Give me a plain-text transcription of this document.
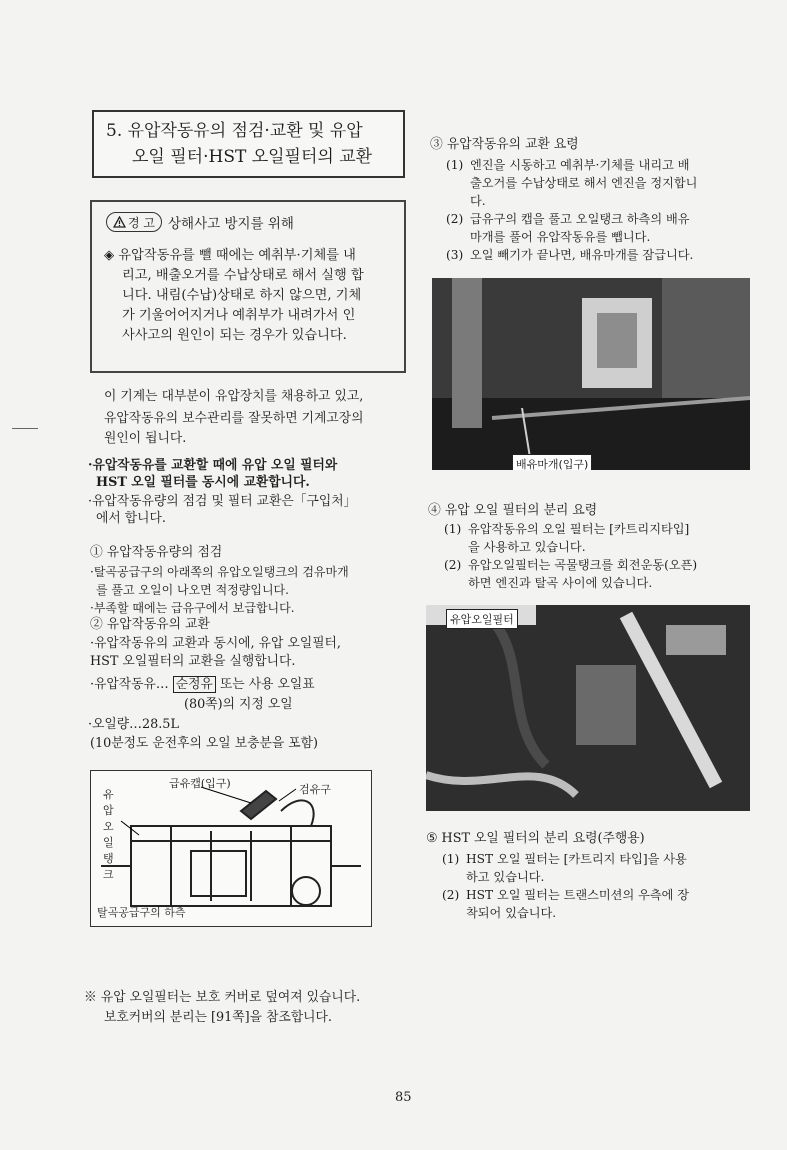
5. 유압작동유의 점검·교환 및 유압
오일 필터·HST 오일필터의 교환
경 고 상해사고 방지를 위해
◈ 유압작동유를 뺄 때에는 예취부·기체를 내
리고, 배출오거를 수납상태로 해서 실행 합
니다. 내림(수납)상태로 하지 않으면, 기체
가 기울어어지거나 예취부가 내려가서 인
사사고의 원인이 되는 경우가 있습니다.
이 기계는 대부분이 유압장치를 채용하고 있고,
유압작동유의 보수관리를 잘못하면 기계고장의
원인이 됩니다.
·유압작동유를 교환할 때에 유압 오일 필터와
HST 오일 필터를 동시에 교환합니다.
·유압작동유량의 점검 및 필터 교환은「구입처」
에서 합니다.
① 유압작동유량의 점검
·탈곡공급구의 아래쪽의 유압오일탱크의 검유마개
를 풀고 오일이 나오면 적정량입니다.
·부족할 때에는 급유구에서 보급합니다.
② 유압작동유의 교환
·유압작동유의 교환과 동시에, 유압 오일필터,
HST 오일필터의 교환을 실행합니다.
·유압작동유… 순정유 또는 사용 오일표
(80쪽)의 지정 오일
·오일량…28.5L
(10분정도 운전후의 오일 보충분을 포함)
급유캡(입구)	검유구
유압오일탱크
탈곡공급구의 하측
※ 유압 오일필터는 보호 커버로 덮여져 있습니다.
보호커버의 분리는 [91쪽]을 참조합니다.
③ 유압작동유의 교환 요령
(1) 엔진을 시동하고 예취부·기체를 내리고 배
출오거를 수납상태로 해서 엔진을 정지합니
다.
(2) 급유구의 캡을 풀고 오일탱크 하측의 배유
마개를 풀어 유압작동유를 뺍니다.
(3) 오일 빼기가 끝나면, 배유마개를 잠급니다.
배유마개(입구)
④ 유압 오일 필터의 분리 요령
(1) 유압작동유의 오일 필터는 [카트리지타입]
을 사용하고 있습니다.
(2) 유압오일필터는 곡물탱크를 회전운동(오픈)
하면 엔진과 탈곡 사이에 있습니다.
유압오일필터
⑤ HST 오일 필터의 분리 요령(주행용)
(1) HST 오일 필터는 [카트리지 타입]을 사용
하고 있습니다.
(2) HST 오일 필터는 트랜스미션의 우측에 장
착되어 있습니다.
85
